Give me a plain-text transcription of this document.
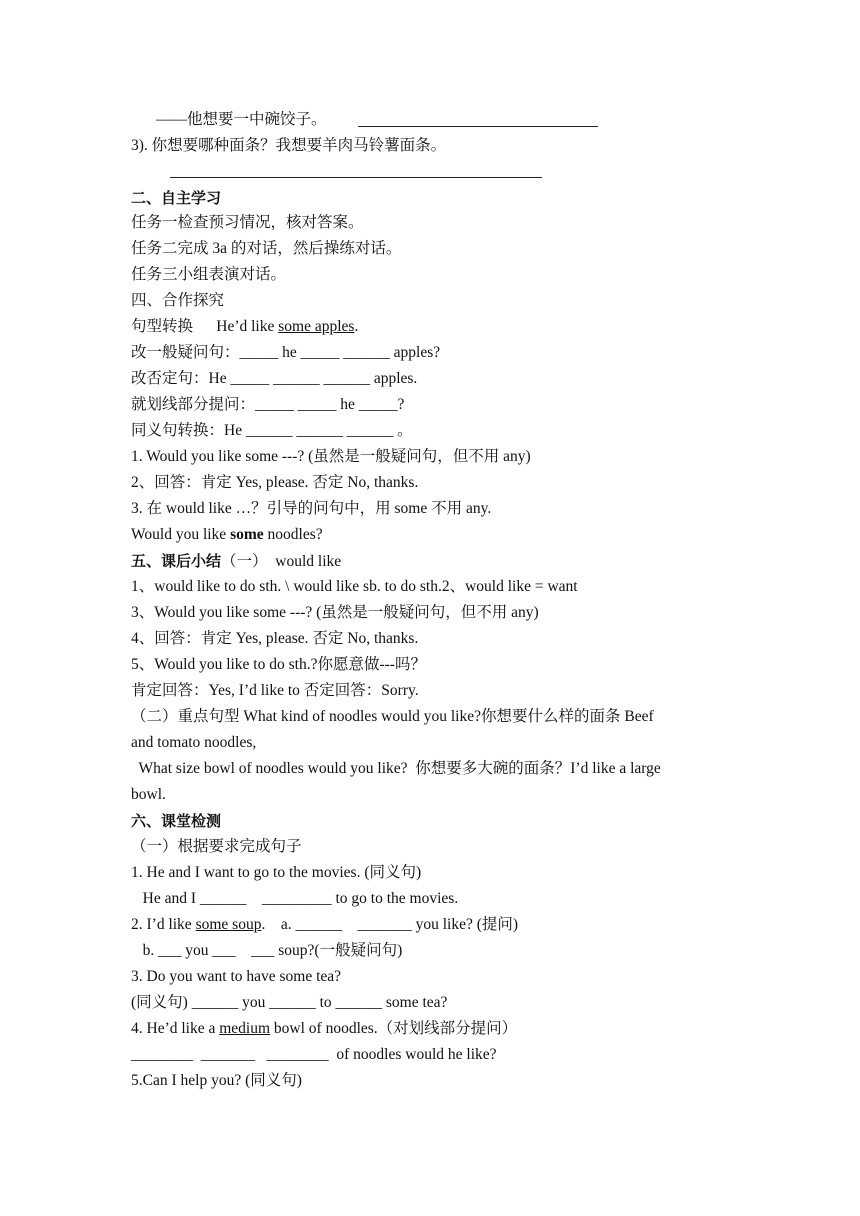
——他想要一中碗饺子。
3). 你想要哪种面条？我想要羊肉马铃薯面条。
二、自主学习
任务一检查预习情况，核对答案。
任务二完成 3a 的对话，然后操练对话。
任务三小组表演对话。
四、合作探究
句型转换      He’d like some apples.
改一般疑问句：_____ he _____ ______ apples?
改否定句：He _____ ______ ______ apples.
就划线部分提问：_____ _____ he _____?
同义句转换：He ______ ______ ______ 。
1. Would you like some ---? (虽然是一般疑问句，但不用 any)
2、回答：肯定 Yes, please. 否定 No, thanks.
3. 在 would like …？引导的问句中，用 some 不用 any.
Would you like some noodles?
五、课后小结（一）  would like
1、would like to do sth. \ would like sb. to do sth.2、would like = want
3、Would you like some ---? (虽然是一般疑问句，但不用 any)
4、回答：肯定 Yes, please. 否定 No, thanks.
5、Would you like to do sth.?你愿意做---吗？
肯定回答：Yes, I’d like to 否定回答：Sorry.
（二）重点句型 What kind of noodles would you like?你想要什么样的面条 Beef
and tomato noodles,
What size bowl of noodles would you like?  你想要多大碗的面条？I’d like a large
bowl.
六、课堂检测
（一）根据要求完成句子
1. He and I want to go to the movies. (同义句)
He and I ______    _________ to go to the movies.
2. I’d like some soup.    a. ______    _______ you like? (提问)
b. ___ you ___    ___ soup?(一般疑问句)
3. Do you want to have some tea?
(同义句) ______ you ______ to ______ some tea?
4. He’d like a medium bowl of noodles.（对划线部分提问）
________  _______   ________  of noodles would he like?
5.Can I help you? (同义句)
